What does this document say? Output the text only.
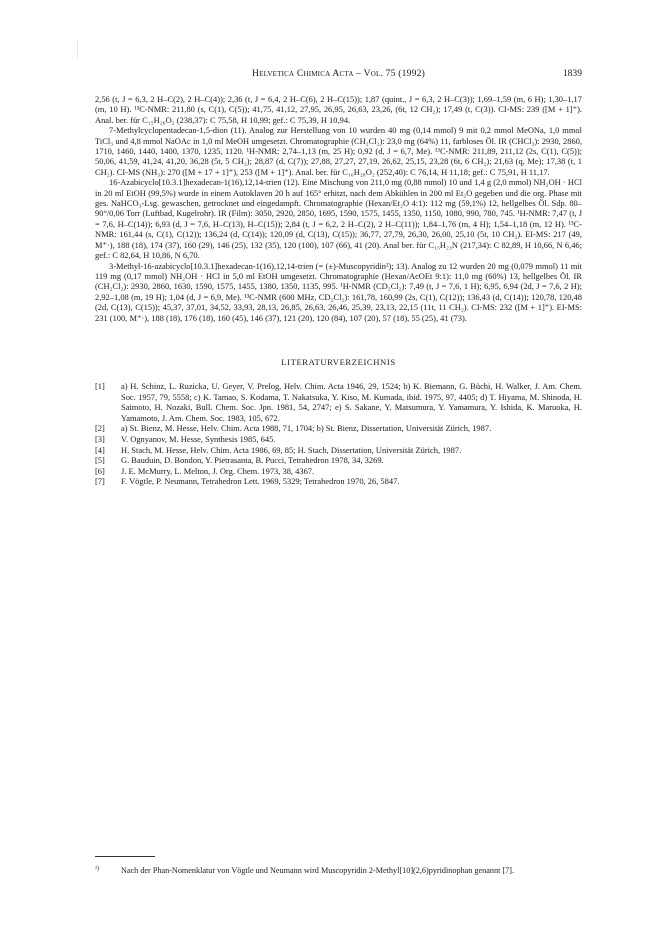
Helvetica Chimica Acta – Vol. 75 (1992)	1839

2,56 (t, J = 6,3, 2 H–C(2), 2 H–C(4)); 2,36 (t, J = 6,4, 2 H–C(6), 2 H–C(15)); 1,87 (quint., J = 6,3, 2 H–C(3)); 1,69–1,59 (m, 6 H); 1,30–1,17 (m, 10 H). ¹³C-NMR: 211,80 (s, C(1), C(5)); 41,75, 41,12, 27,95, 26,95, 26,63, 23,26, (6t, 12 CH₂); 17,49 (t, C(3)). CI-MS: 239 ([M + 1]⁺). Anal. ber. für C₁₅H₂₆O₂ (238,37): C 75,58, H 10,99; gef.: C 75,39, H 10,94.

7-Methylcyclopentadecan-1,5-dion (11). Analog zur Herstellung von 10 wurden 40 mg (0,14 mmol) 9 mit 0,2 mmol MeONa, 1,0 mmol TiCl₃ und 4,8 mmol NaOAc in 1,0 ml MeOH umgesetzt. Chromatographie (CH₂Cl₂): 23,0 mg (64%) 11, farbloses Öl. IR (CHCl₃): 2930, 2860, 1710, 1460, 1440, 1400, 1370, 1235, 1120. ¹H-NMR: 2,74–1,13 (m, 25 H); 0,92 (d, J = 6,7, Me). ¹³C-NMR: 211,89, 211,12 (2s, C(1), C(5)); 50,06, 41,59, 41,24, 41,20, 36,28 (5t, 5 CH₂); 28,87 (d, C(7)); 27,88, 27,27, 27,19, 26,62, 25,15, 23,28 (6t, 6 CH₂); 21,63 (q, Me); 17,38 (t, 1 CH₂). CI-MS (NH₃): 270 ([M + 17 + 1]⁺), 253 ([M + 1]⁺). Anal. ber. für C₁₆H₂₈O₂ (252,40): C 76,14, H 11,18; gef.: C 75,91, H 11,17.

16-Azabicyclo[10.3.1]hexadecan-1(16),12,14-trien (12). Eine Mischung von 211,0 mg (0,88 mmol) 10 und 1,4 g (2,0 mmol) NH₂OH · HCl in 20 ml EtOH (99,5%) wurde in einem Autoklaven 20 h auf 165° erhitzt, nach dem Abkühlen in 200 ml Et₂O gegeben und die org. Phase mit ges. NaHCO₃-Lsg. gewaschen, getrocknet und eingedampft. Chromatographie (Hexan/Et₂O 4:1): 112 mg (59,1%) 12, hellgelbes Öl. Sdp. 80–90°/0,06 Torr (Luftbad, Kugelrohr). IR (Film): 3050, 2920, 2850, 1695, 1590, 1575, 1455, 1350, 1150, 1080, 990, 780, 745. ¹H-NMR: 7,47 (t, J = 7,6, H–C(14)); 6,93 (d, J = 7,6, H–C(13), H–C(15)); 2,84 (t, J = 6,2, 2 H–C(2), 2 H–C(11)); 1,84–1,76 (m, 4 H); 1,54–1,18 (m, 12 H). ¹³C-NMR: 161,44 (s, C(1), C(12)); 136,24 (d, C(14)); 120,09 (d, C(13), C(15)); 36,77, 27,79, 26,30, 26,00, 25,10 (5t, 10 CH₂). EI-MS: 217 (49, M⁺·), 188 (18), 174 (37), 160 (29), 146 (25), 132 (35), 120 (100), 107 (66), 41 (20). Anal ber. für C₁₅H₂₃N (217,34): C 82,89, H 10,66, N 6,46; gef.: C 82,64, H 10,86, N 6,70.

3-Methyl-16-azabicyclo[10.3.1]hexadecan-1(16),12,14-trien (= (±)-Muscopyridin²); 13). Analog zu 12 wurden 20 mg (0,079 mmol) 11 mit 119 mg (0,17 mmol) NH₂OH · HCl in 5,0 ml EtOH umgesetzt. Chromatographie (Hexan/AcOEt 9:1): 11,0 mg (60%) 13, hellgelbes Öl. IR (CH₂Cl₂): 2930, 2860, 1630, 1590, 1575, 1455, 1380, 1350, 1135, 995. ¹H-NMR (CD₂Cl₂): 7,49 (t, J = 7,6, 1 H); 6,95, 6,94 (2d, J = 7,6, 2 H); 2,92–1,08 (m, 19 H); 1,04 (d, J = 6,9, Me). ¹³C-NMR (600 MHz, CD₂Cl₂): 161,78, 160,99 (2s, C(1), C(12)); 136,43 (d, C(14)); 120,78, 120,48 (2d, C(13), C(15)); 45,37, 37,01, 34,52, 33,93, 28,13, 26,85, 26,63, 26,46, 25,39, 23,13, 22,15 (11t, 11 CH₂). CI-MS: 232 ([M + 1]⁺). EI-MS: 231 (100, M⁺·), 188 (18), 176 (18), 160 (45), 146 (37), 121 (20), 120 (84), 107 (20), 57 (18), 55 (25), 41 (73).

LITERATURVERZEICHNIS
[1] a) H. Schinz, L. Ruzicka, U. Geyer, V. Prelog, Helv. Chim. Acta 1946, 29, 1524; b) K. Biemann, G. Büchi, H. Walker, J. Am. Chem. Soc. 1957, 79, 5558; c) K. Tamao, S. Kodama, T. Nakatsuka, Y. Kiso, M. Kumada, ibid. 1975, 97, 4405; d) T. Hiyama, M. Shinoda, H. Saimoto, H. Nozaki, Bull. Chem. Soc. Jpn. 1981, 54, 2747; e) S. Sakane, Y. Matsumura, Y. Yamamura, Y. Ishida, K. Maruoka, H. Yamamoto, J. Am. Chem. Soc. 1983, 105, 672.
[2] a) St. Bienz, M. Hesse, Helv. Chim. Acta 1988, 71, 1704; b) St. Bienz, Dissertation, Universität Zürich, 1987.
[3] V. Ognyanov, M. Hesse, Synthesis 1985, 645.
[4] H. Stach, M. Hesse, Helv. Chim. Acta 1986, 69, 85; H. Stach, Dissertation, Universität Zürich, 1987.
[5] G. Bauduin, D. Bondon, Y. Pietrasanta, B. Pucci, Tetrahedron 1978, 34, 3269.
[6] J. E. McMurry, L. Melton, J. Org. Chem. 1973, 38, 4367.
[7] F. Vögtle, P. Neumann, Tetrahedron Lett. 1969, 5329; Tetrahedron 1970, 26, 5847.
²)	Nach der Phan-Nomenklatur von Vögtle und Neumann wird Muscopyridin 2-Methyl[10](2,6)pyridinophan genannt [7].
